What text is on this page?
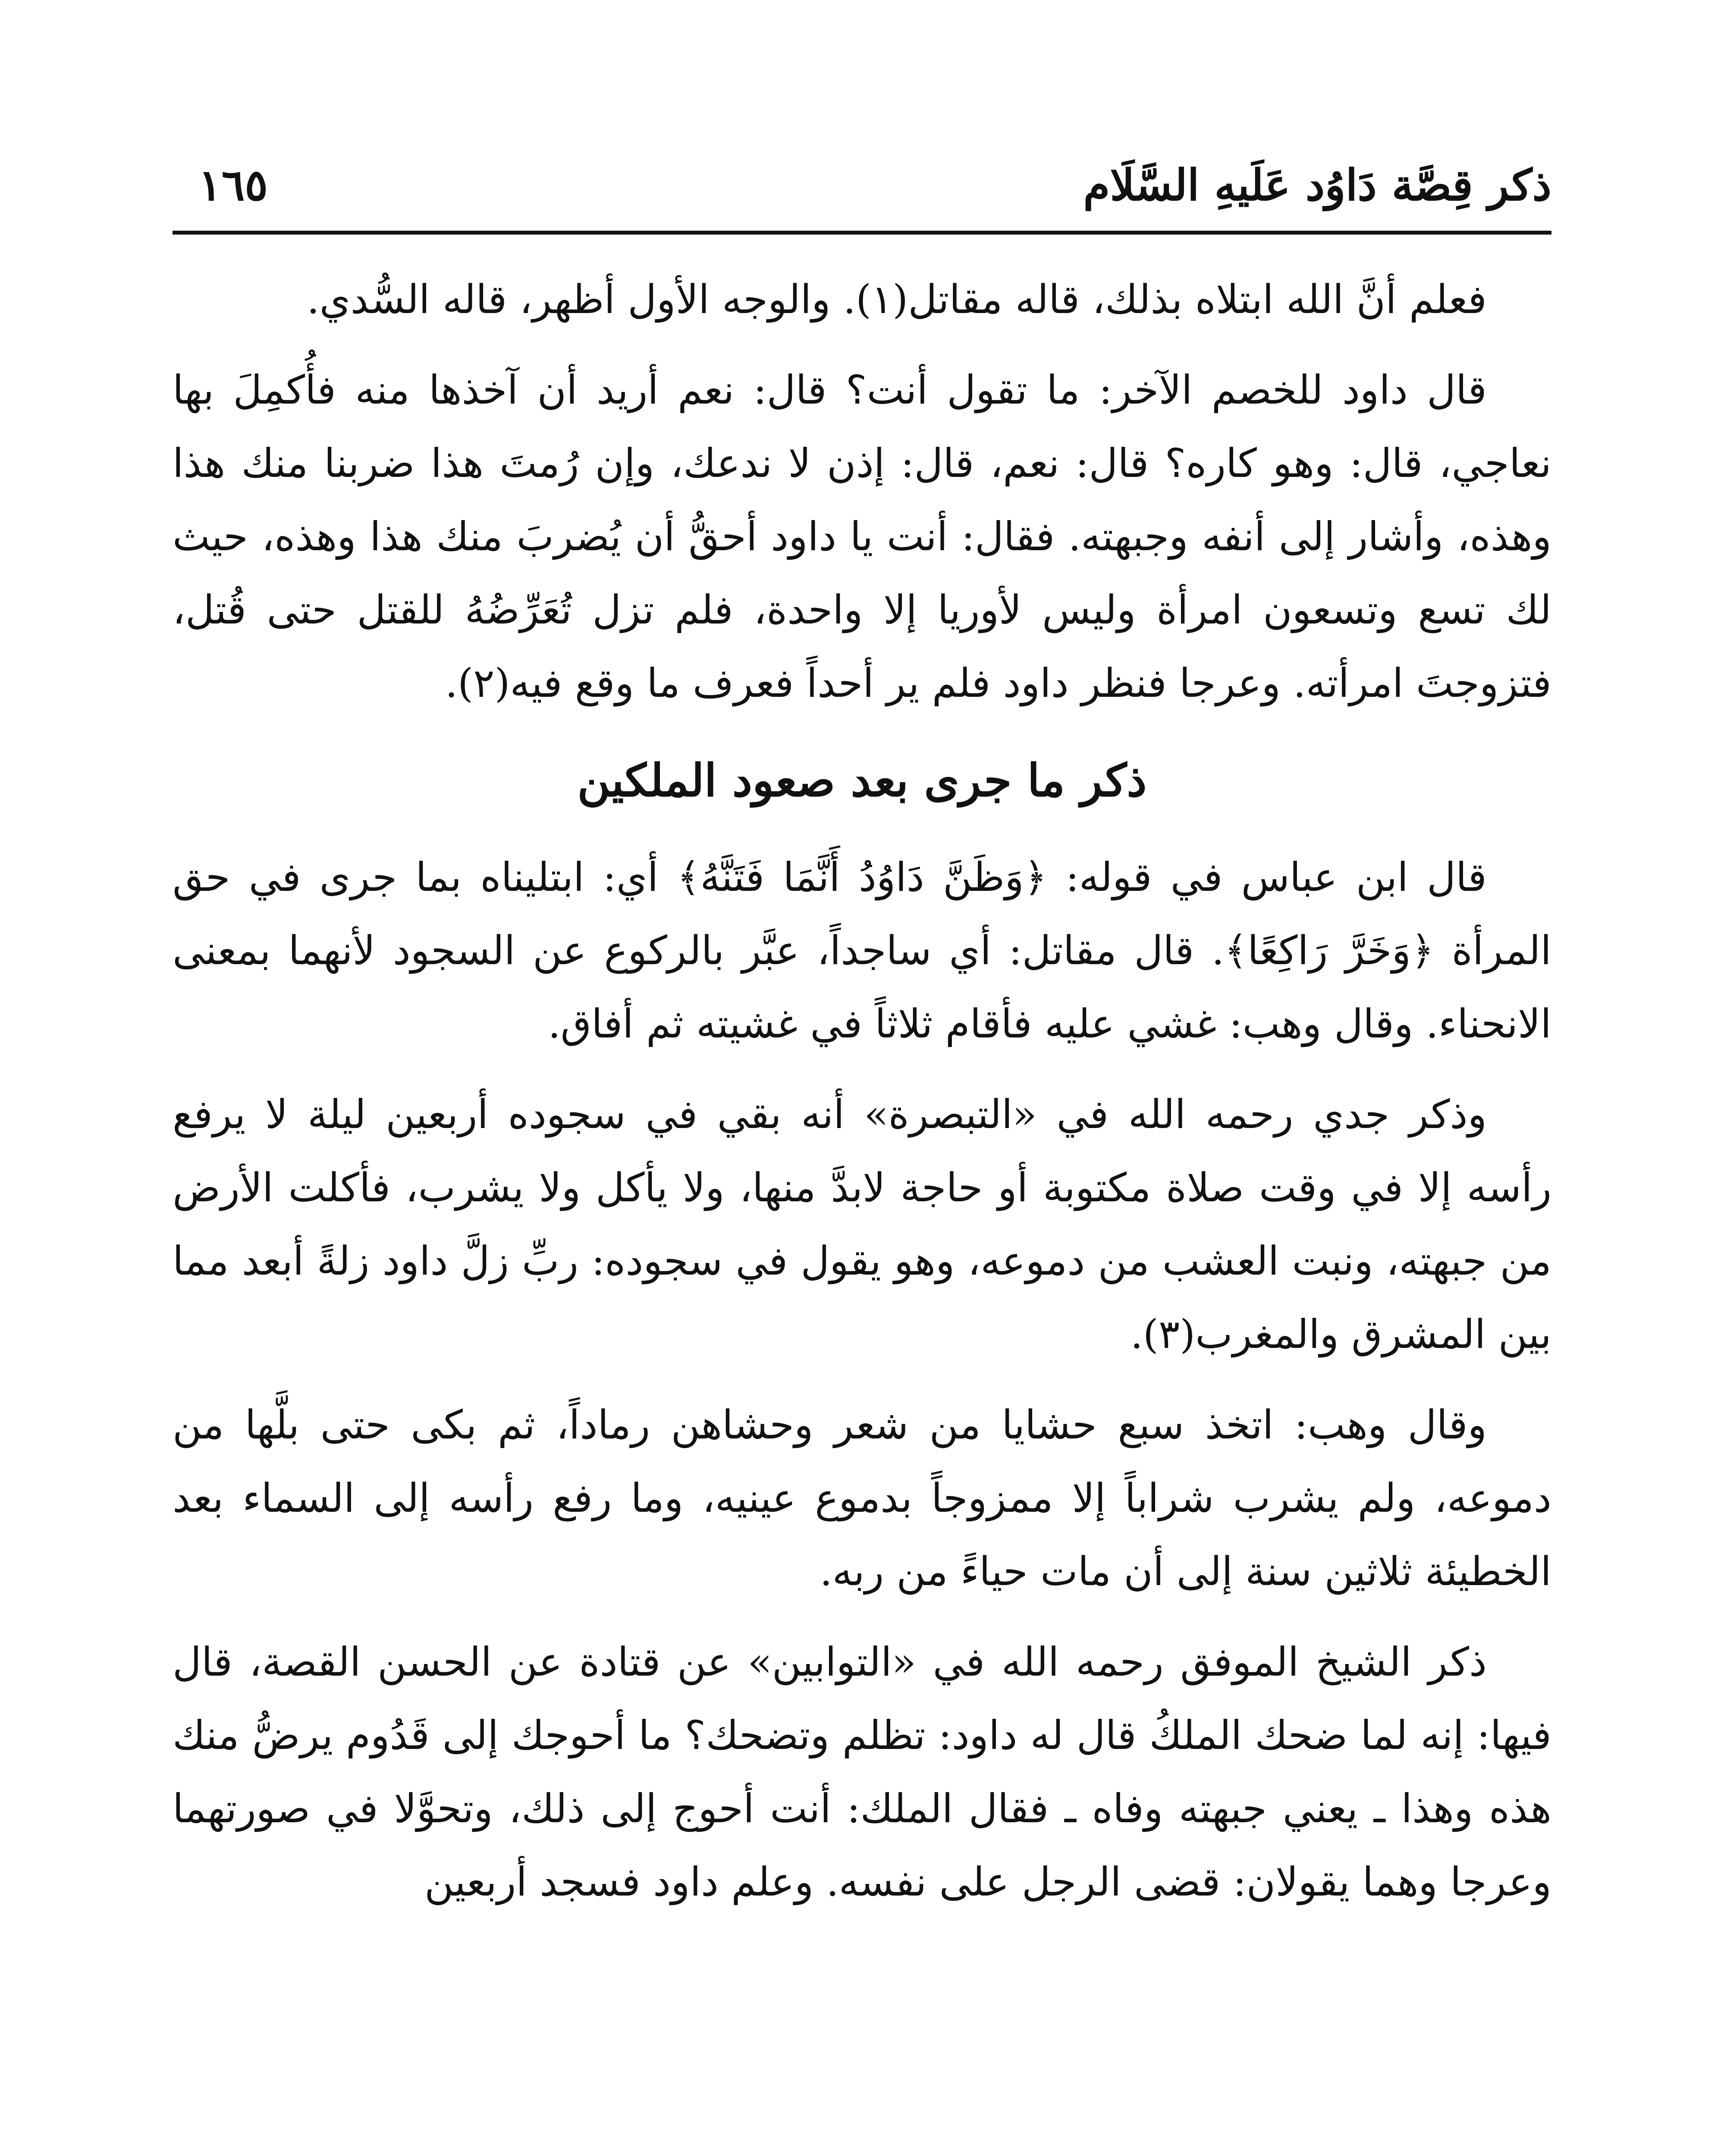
ذكر قِصَّة دَاوُد عَلَيهِ السَّلَام
١٦٥

فعلم أنَّ الله ابتلاه بذلك، قاله مقاتل(١). والوجه الأول أظهر، قاله السُّدي.

قال داود للخصم الآخر: ما تقول أنت؟ قال: نعم أريد أن آخذها منه فأُكمِلَ بها نعاجي، قال: وهو كاره؟ قال: نعم، قال: إذن لا ندعك، وإن رُمتَ هذا ضربنا منك هذا وهذه، وأشار إلى أنفه وجبهته. فقال: أنت يا داود أحقُّ أن يُضربَ منك هذا وهذه، حيث لك تسع وتسعون امرأة وليس لأوريا إلا واحدة، فلم تزل تُعَرِّضُهُ للقتل حتى قُتل، فتزوجتَ امرأته. وعرجا فنظر داود فلم ير أحداً فعرف ما وقع فيه(٢).

ذكر ما جرى بعد صعود الملكين

قال ابن عباس في قوله: ﴿وَظَنَّ دَاوُدُ أَنَّمَا فَتَنَّهُ﴾ أي: ابتليناه بما جرى في حق المرأة ﴿وَخَرَّ رَاكِعًا﴾. قال مقاتل: أي ساجداً، عبَّر بالركوع عن السجود لأنهما بمعنى الانحناء. وقال وهب: غشي عليه فأقام ثلاثاً في غشيته ثم أفاق.

وذكر جدي رحمه الله في «التبصرة» أنه بقي في سجوده أربعين ليلة لا يرفع رأسه إلا في وقت صلاة مكتوبة أو حاجة لابدَّ منها، ولا يأكل ولا يشرب، فأكلت الأرض من جبهته، ونبت العشب من دموعه، وهو يقول في سجوده: ربِّ زلَّ داود زلةً أبعد مما بين المشرق والمغرب(٣).

وقال وهب: اتخذ سبع حشايا من شعر وحشاهن رماداً، ثم بكى حتى بلَّها من دموعه، ولم يشرب شراباً إلا ممزوجاً بدموع عينيه، وما رفع رأسه إلى السماء بعد الخطيئة ثلاثين سنة إلى أن مات حياءً من ربه.

ذكر الشيخ الموفق رحمه الله في «التوابين» عن قتادة عن الحسن القصة، قال فيها: إنه لما ضحك الملكُ قال له داود: تظلم وتضحك؟ ما أحوجك إلى قَدُوم يرضُّ منك هذه وهذا ـ يعني جبهته وفاه ـ فقال الملك: أنت أحوج إلى ذلك، وتحوَّلا في صورتهما وعرجا وهما يقولان: قضى الرجل على نفسه. وعلم داود فسجد أربعين
